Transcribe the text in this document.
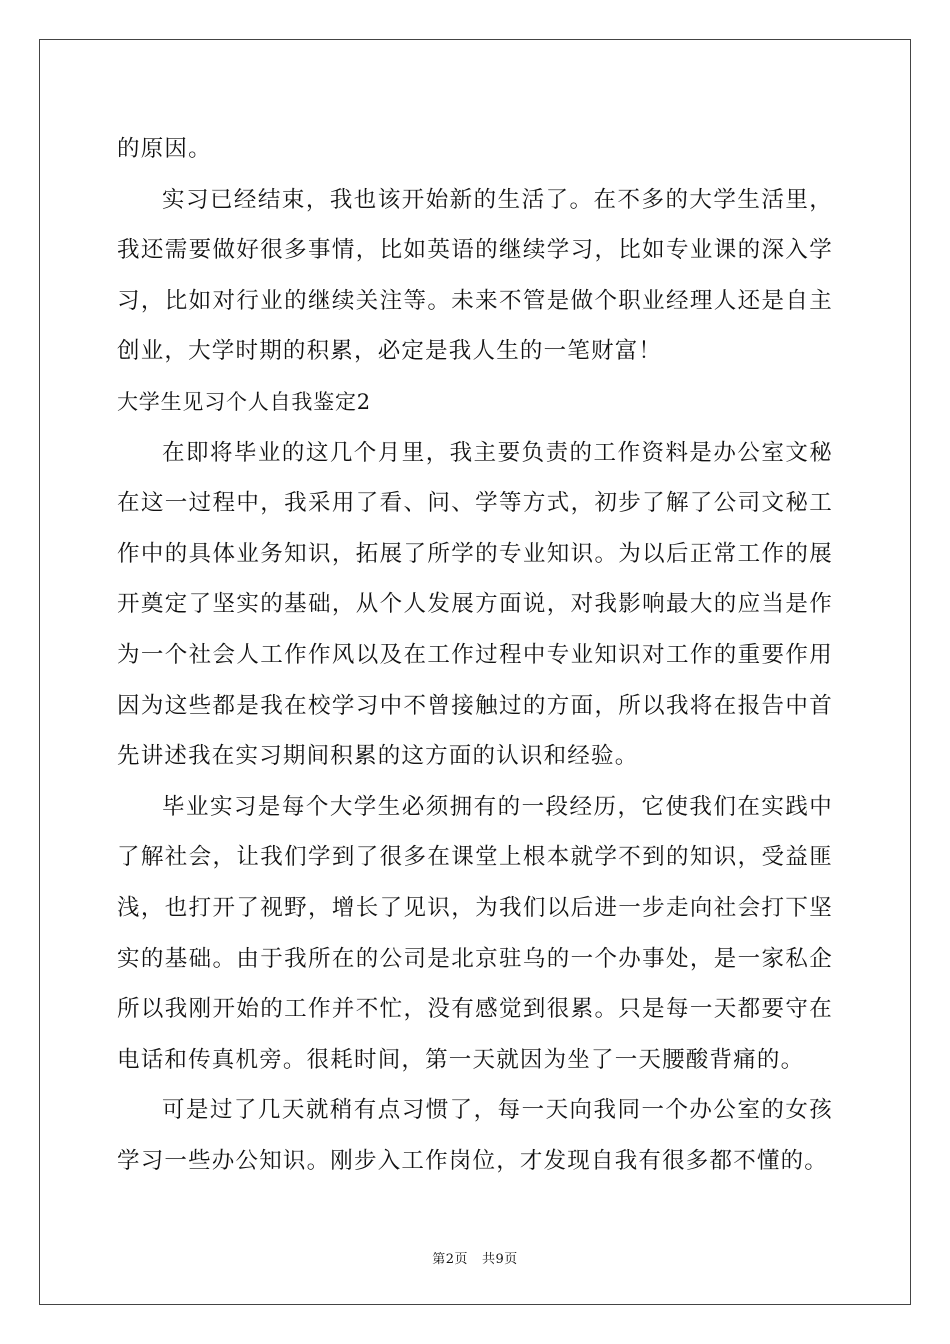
的原因。

实习已经结束，我也该开始新的生活了。在不多的大学生活里，我还需要做好很多事情，比如英语的继续学习，比如专业课的深入学习，比如对行业的继续关注等。未来不管是做个职业经理人还是自主创业，大学时期的积累，必定是我人生的一笔财富！

大学生见习个人自我鉴定2

在即将毕业的这几个月里，我主要负责的工作资料是办公室文秘在这一过程中，我采用了看、问、学等方式，初步了解了公司文秘工作中的具体业务知识，拓展了所学的专业知识。为以后正常工作的展开奠定了坚实的基础，从个人发展方面说，对我影响最大的应当是作为一个社会人工作作风以及在工作过程中专业知识对工作的重要作用因为这些都是我在校学习中不曾接触过的方面，所以我将在报告中首先讲述我在实习期间积累的这方面的认识和经验。

毕业实习是每个大学生必须拥有的一段经历，它使我们在实践中了解社会，让我们学到了很多在课堂上根本就学不到的知识，受益匪浅，也打开了视野，增长了见识，为我们以后进一步走向社会打下坚实的基础。由于我所在的公司是北京驻乌的一个办事处，是一家私企所以我刚开始的工作并不忙，没有感觉到很累。只是每一天都要守在电话和传真机旁。很耗时间，第一天就因为坐了一天腰酸背痛的。

可是过了几天就稍有点习惯了，每一天向我同一个办公室的女孩学习一些办公知识。刚步入工作岗位，才发现自我有很多都不懂的。

第2页 共9页
